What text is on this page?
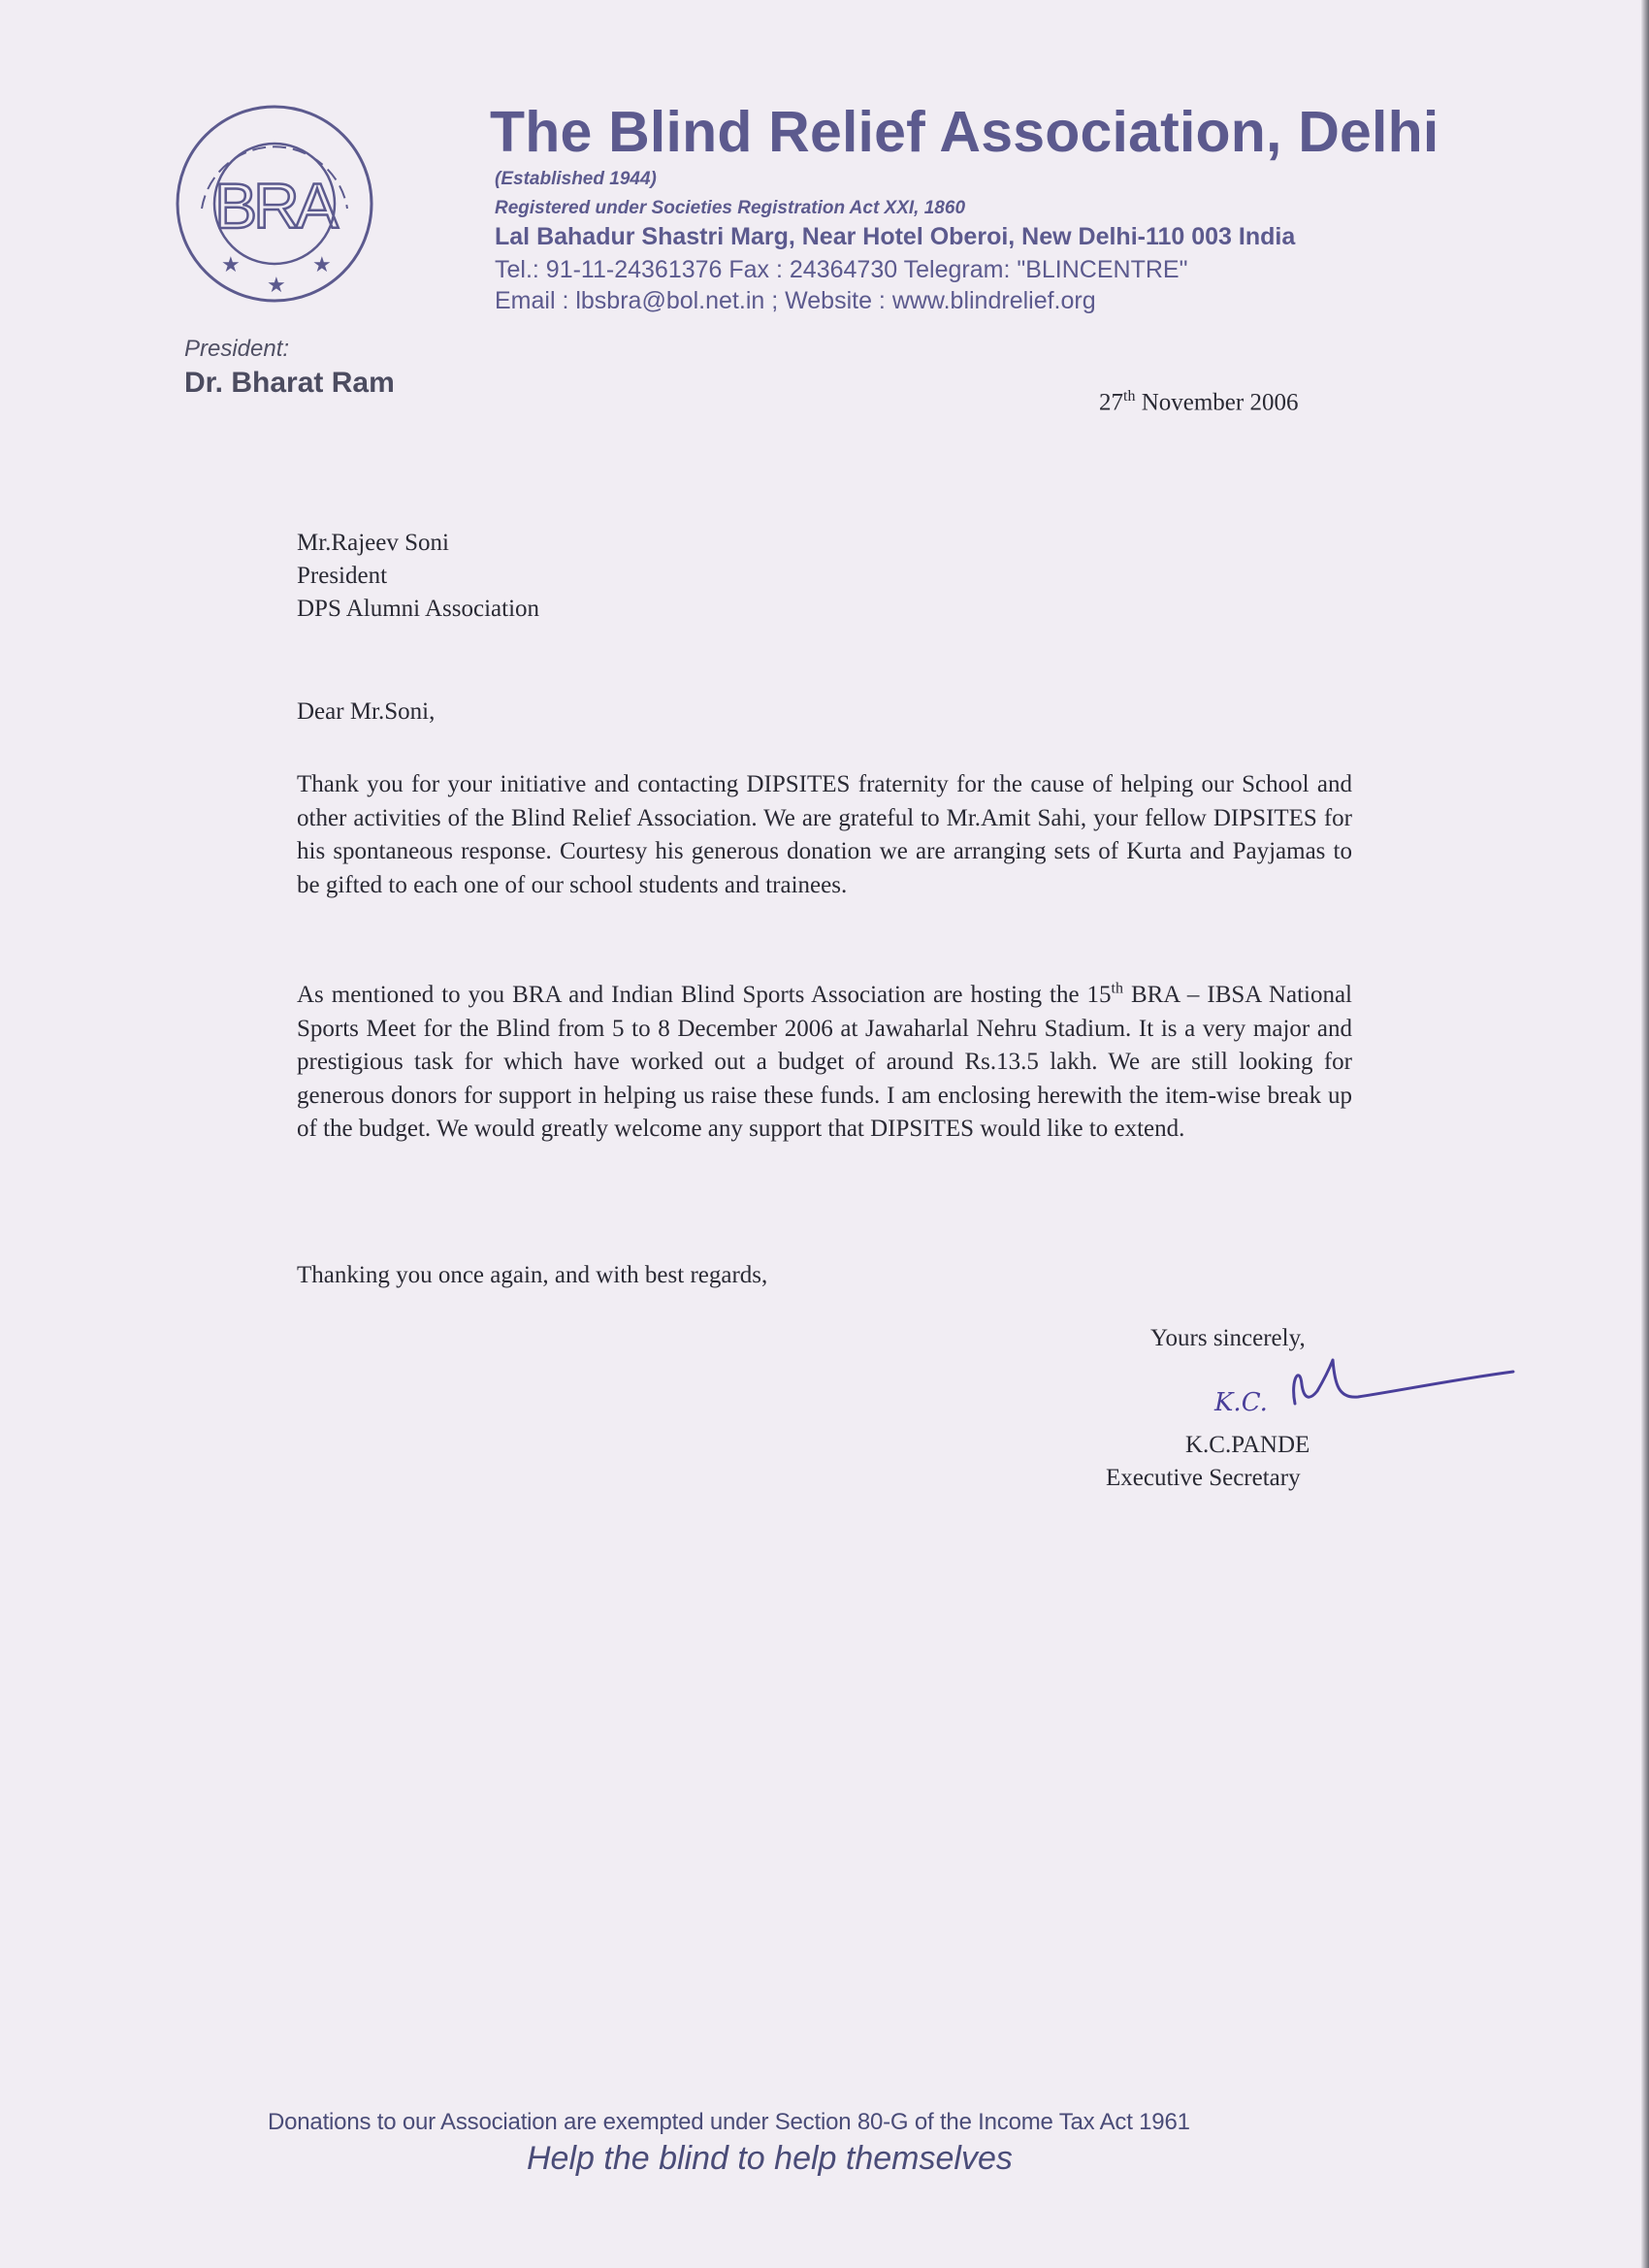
BRA
★
★
★
The Blind Relief Association, Delhi
(Established 1944)
Registered under Societies Registration Act XXI, 1860
Lal Bahadur Shastri Marg, Near Hotel Oberoi, New Delhi-110 003 India
Tel.: 91-11-24361376 Fax : 24364730 Telegram: "BLINCENTRE"
Email : lbsbra@bol.net.in ; Website : www.blindrelief.org
President:
Dr. Bharat Ram
27th November 2006
Mr.Rajeev Soni
President
DPS Alumni Association
Dear Mr.Soni,

Thank you for your initiative and contacting DIPSITES fraternity for the cause of helping our School and other activities of the Blind Relief Association. We are grateful to Mr.Amit Sahi, your fellow DIPSITES for his spontaneous response. Courtesy his generous donation we are arranging sets of Kurta and Payjamas to be gifted to each one of our school students and trainees.

As mentioned to you BRA and Indian Blind Sports Association are hosting the 15th BRA – IBSA National Sports Meet for the Blind from 5 to 8 December 2006 at Jawaharlal Nehru Stadium. It is a very major and prestigious task for which have worked out a budget of around Rs.13.5 lakh. We are still looking for generous donors for support in helping us raise these funds. I am enclosing herewith the item-wise break up of the budget. We would greatly welcome any support that DIPSITES would like to extend.

Thanking you once again, and with best regards,

Yours sincerely,
K.C.
K.C.PANDE
Executive Secretary
Donations to our Association are exempted under Section 80-G of the Income Tax Act 1961
Help the blind to help themselves
